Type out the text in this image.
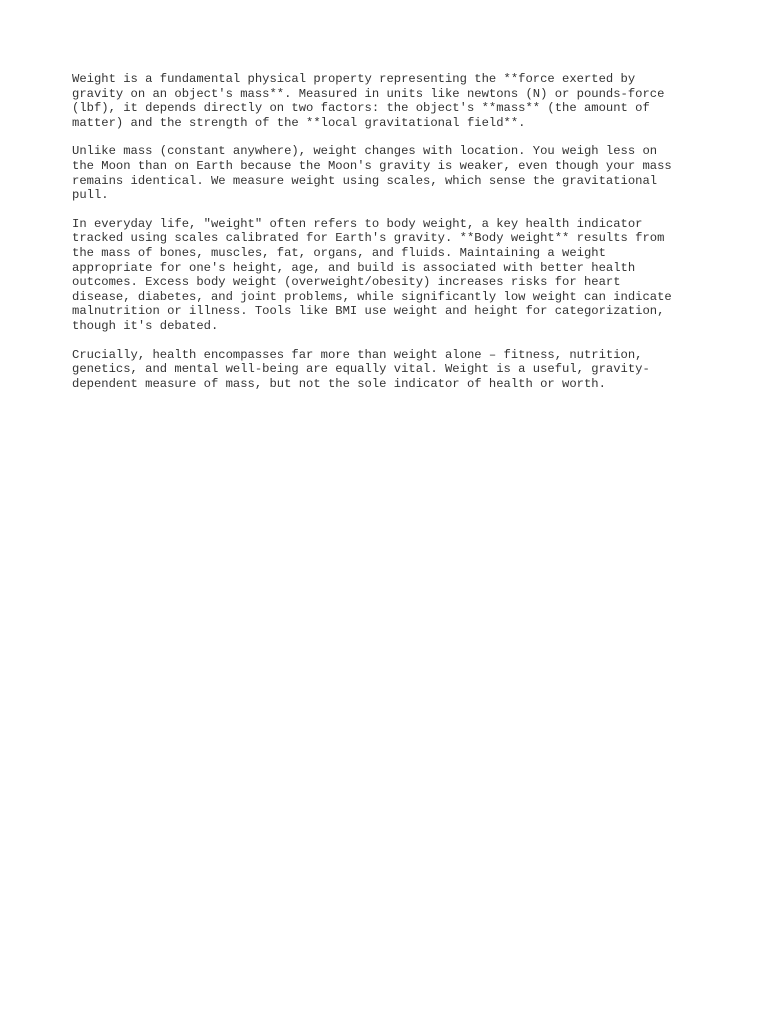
Weight is a fundamental physical property representing the **force exerted by
gravity on an object's mass**. Measured in units like newtons (N) or pounds-force
(lbf), it depends directly on two factors: the object's **mass** (the amount of
matter) and the strength of the **local gravitational field**.

Unlike mass (constant anywhere), weight changes with location. You weigh less on
the Moon than on Earth because the Moon's gravity is weaker, even though your mass
remains identical. We measure weight using scales, which sense the gravitational
pull.

In everyday life, "weight" often refers to body weight, a key health indicator
tracked using scales calibrated for Earth's gravity. **Body weight** results from
the mass of bones, muscles, fat, organs, and fluids. Maintaining a weight
appropriate for one's height, age, and build is associated with better health
outcomes. Excess body weight (overweight/obesity) increases risks for heart
disease, diabetes, and joint problems, while significantly low weight can indicate
malnutrition or illness. Tools like BMI use weight and height for categorization,
though it's debated.

Crucially, health encompasses far more than weight alone – fitness, nutrition,
genetics, and mental well-being are equally vital. Weight is a useful, gravity-
dependent measure of mass, but not the sole indicator of health or worth.
